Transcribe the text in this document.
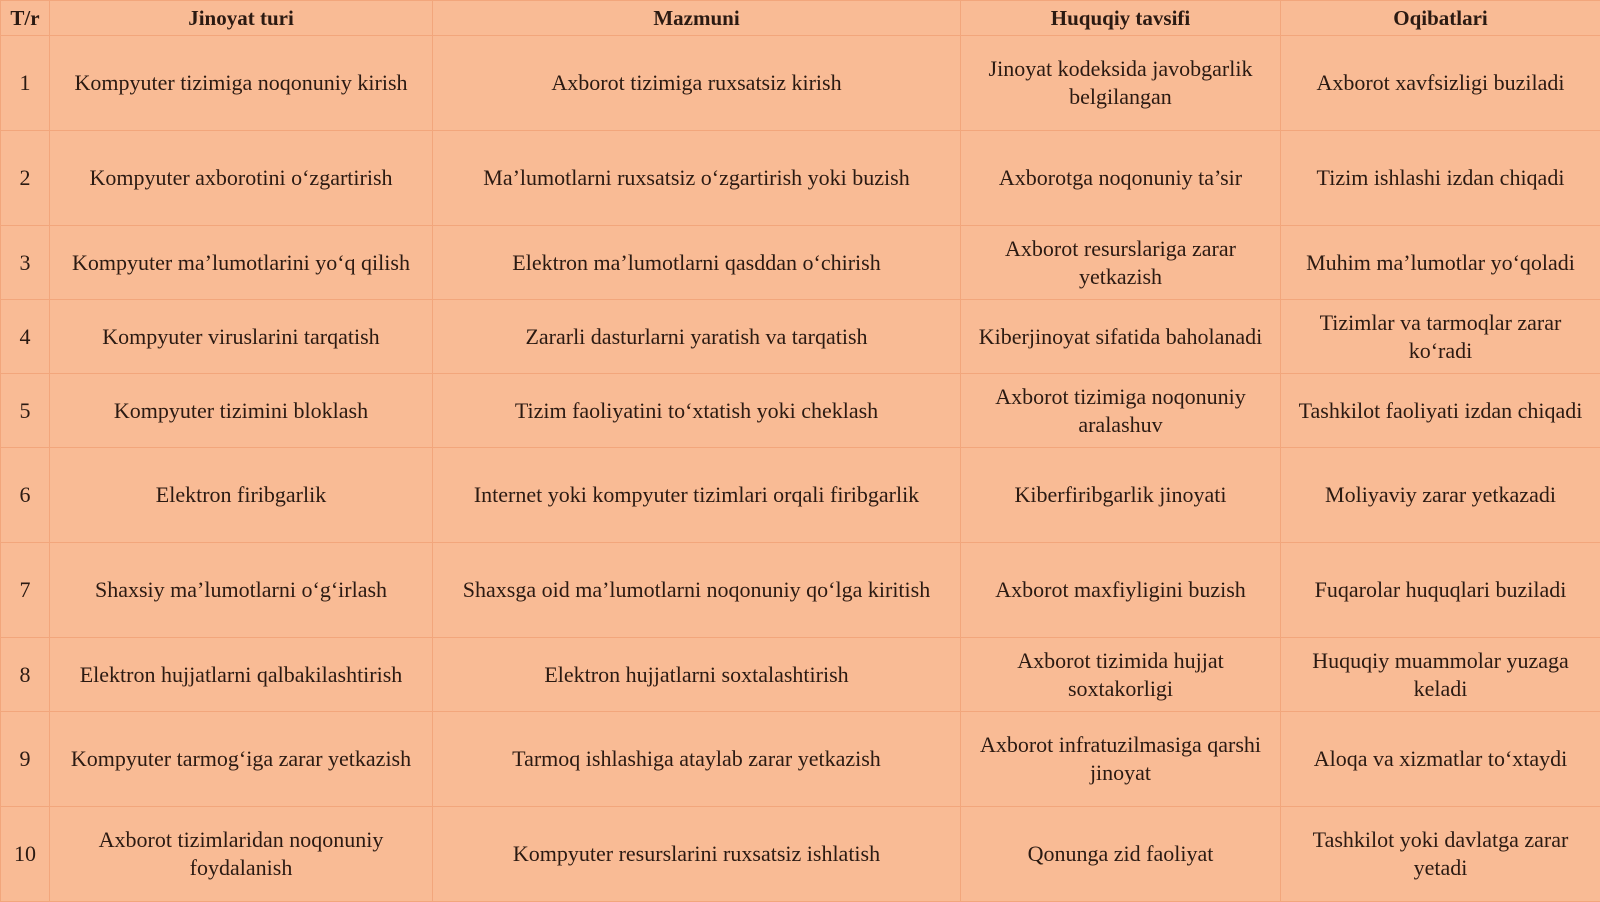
T/r	Jinoyat turi	Mazmuni	Huquqiy tavsifi	Oqibatlari
1	Kompyuter tizimiga noqonuniy kirish	Axborot tizimiga ruxsatsiz kirish	Jinoyat kodeksida javobgarlik belgilangan	Axborot xavfsizligi buziladi
2	Kompyuter axborotini o‘zgartirish	Ma’lumotlarni ruxsatsiz o‘zgartirish yoki buzish	Axborotga noqonuniy ta’sir	Tizim ishlashi izdan chiqadi
3	Kompyuter ma’lumotlarini yo‘q qilish	Elektron ma’lumotlarni qasddan o‘chirish	Axborot resurslariga zarar yetkazish	Muhim ma’lumotlar yo‘qoladi
4	Kompyuter viruslarini tarqatish	Zararli dasturlarni yaratish va tarqatish	Kiberjinoyat sifatida baholanadi	Tizimlar va tarmoqlar zarar ko‘radi
5	Kompyuter tizimini bloklash	Tizim faoliyatini to‘xtatish yoki cheklash	Axborot tizimiga noqonuniy aralashuv	Tashkilot faoliyati izdan chiqadi
6	Elektron firibgarlik	Internet yoki kompyuter tizimlari orqali firibgarlik	Kiberfiribgarlik jinoyati	Moliyaviy zarar yetkazadi
7	Shaxsiy ma’lumotlarni o‘g‘irlash	Shaxsga oid ma’lumotlarni noqonuniy qo‘lga kiritish	Axborot maxfiyligini buzish	Fuqarolar huquqlari buziladi
8	Elektron hujjatlarni qalbakilashtirish	Elektron hujjatlarni soxtalashtirish	Axborot tizimida hujjat soxtakorligi	Huquqiy muammolar yuzaga keladi
9	Kompyuter tarmog‘iga zarar yetkazish	Tarmoq ishlashiga ataylab zarar yetkazish	Axborot infratuzilmasiga qarshi jinoyat	Aloqa va xizmatlar to‘xtaydi
10	Axborot tizimlaridan noqonuniy foydalanish	Kompyuter resurslarini ruxsatsiz ishlatish	Qonunga zid faoliyat	Tashkilot yoki davlatga zarar yetadi
